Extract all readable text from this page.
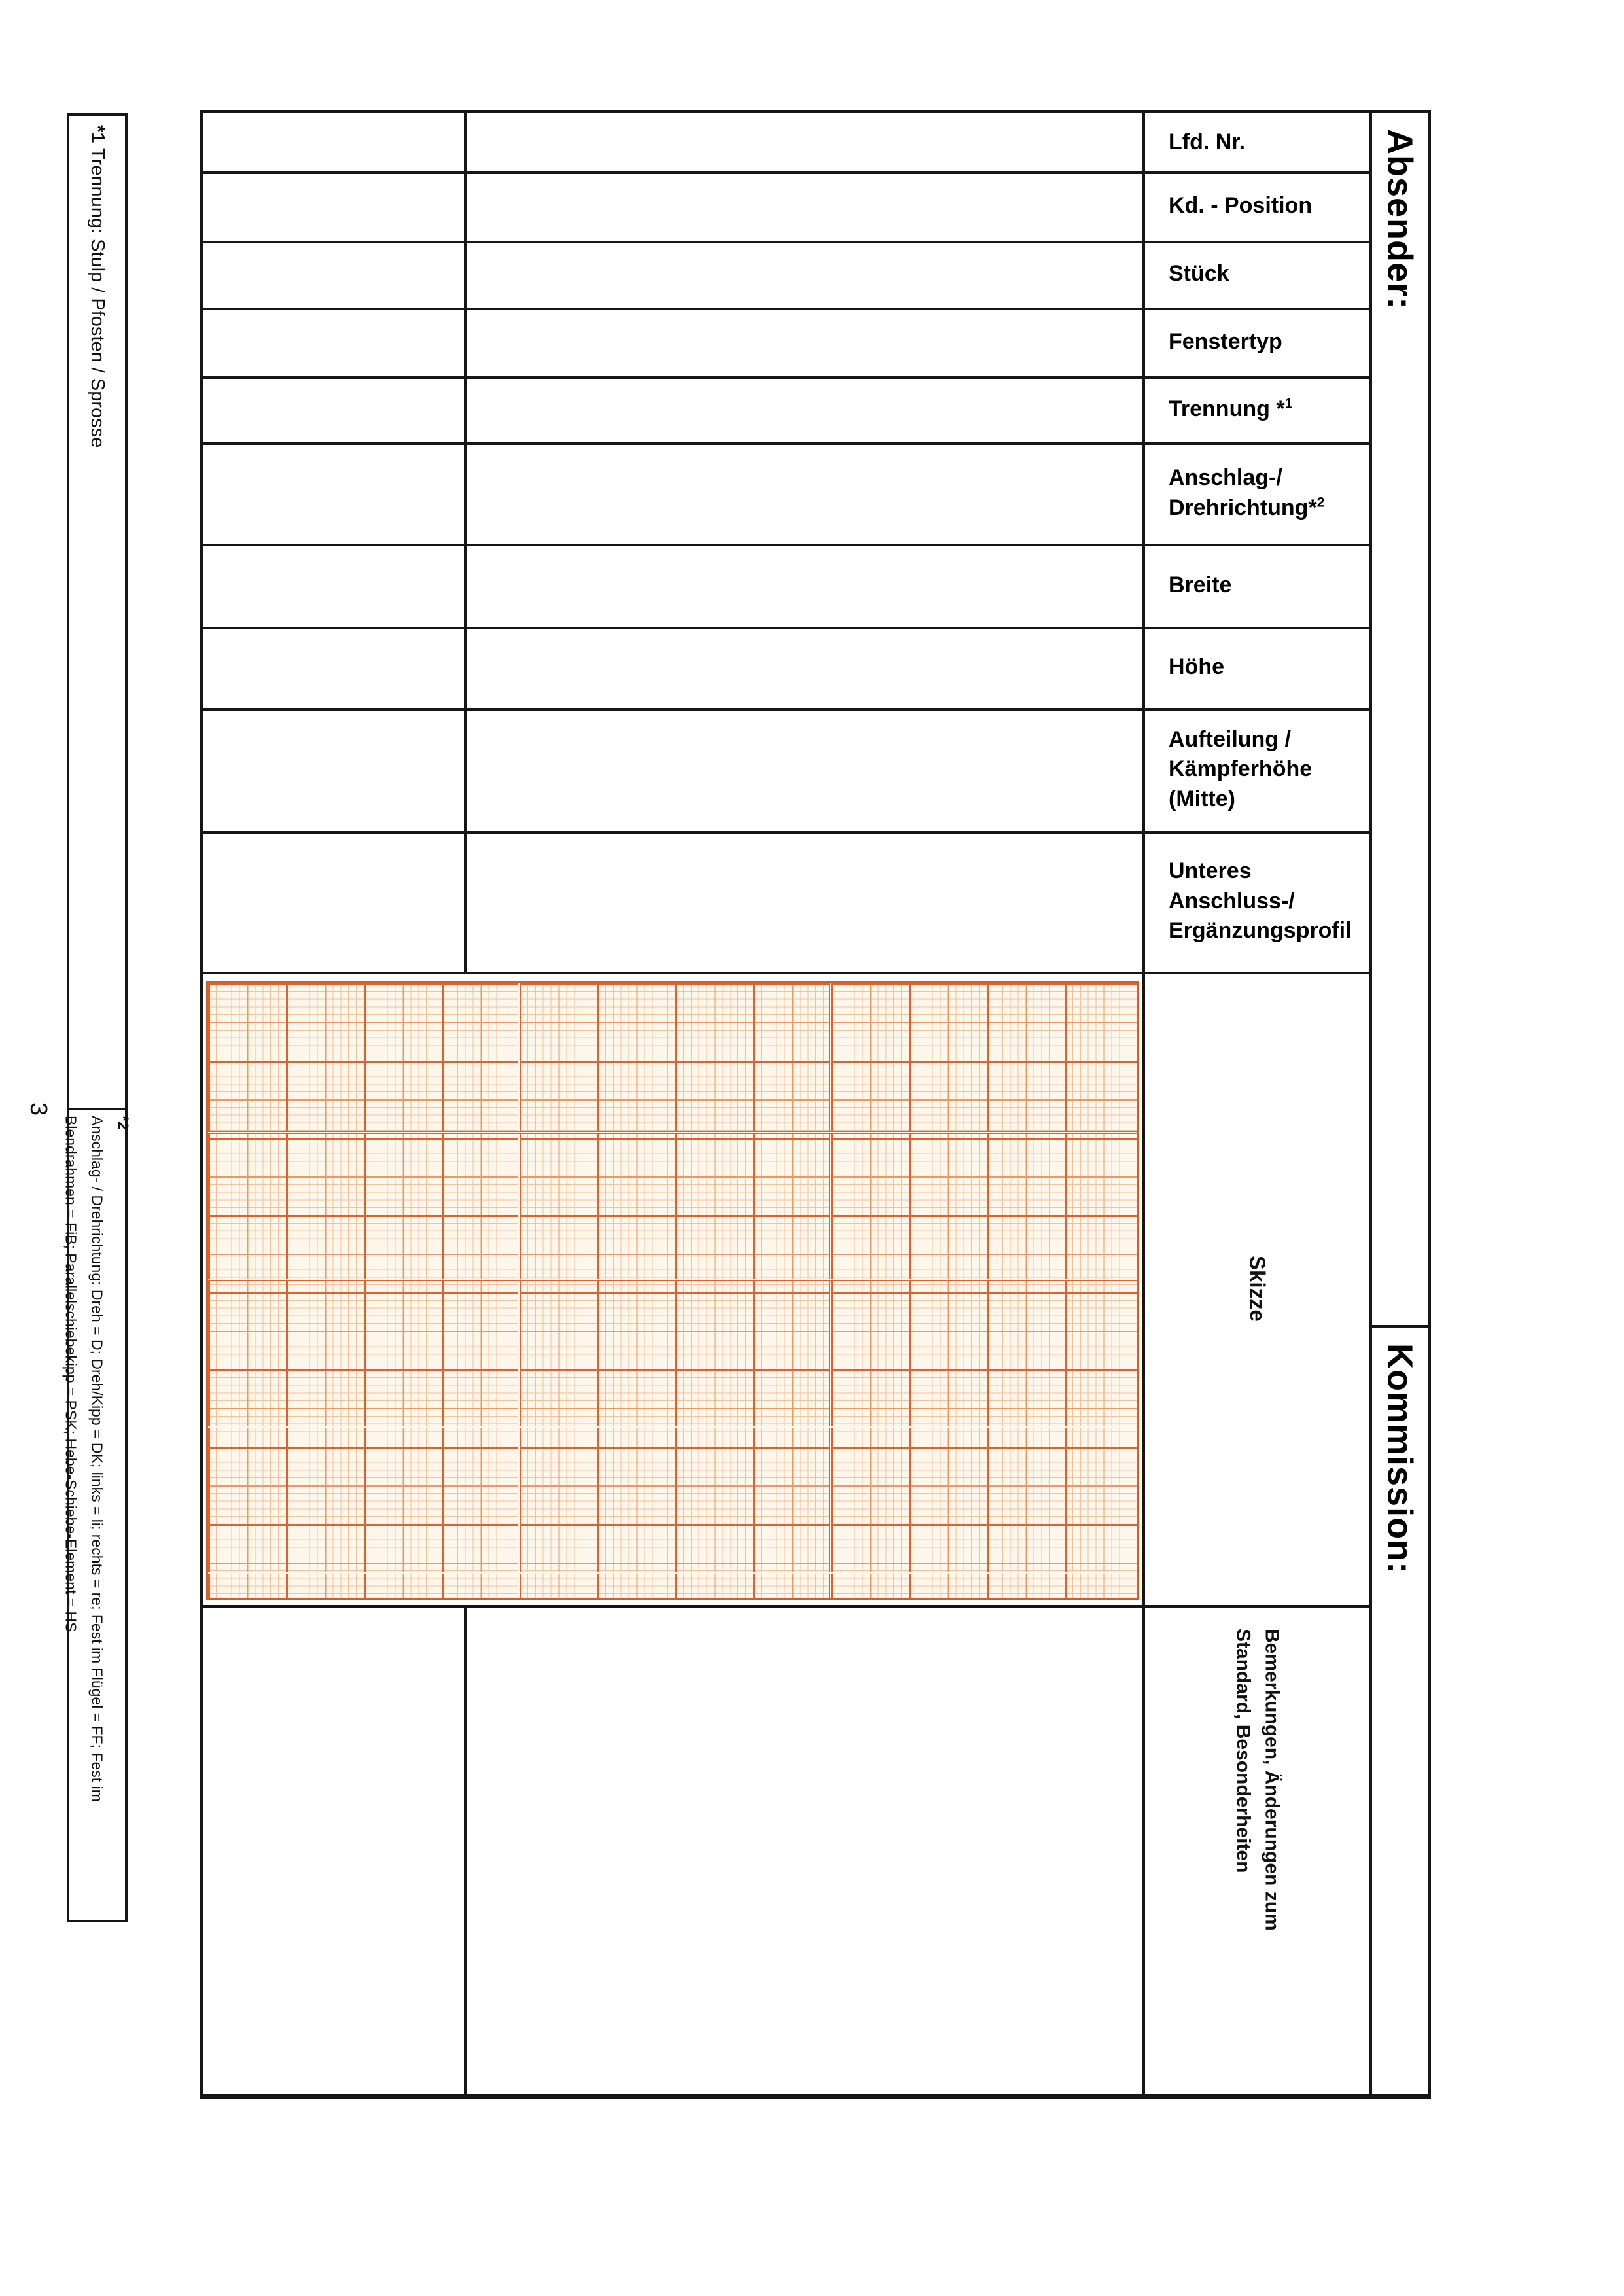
*1 Trennung: Stulp / Pfosten / Sprosse
*2
Anschlag- / Drehrichtung: Dreh = D; Dreh/Kipp = DK; links = li; rechts = re; Fest im Flügel = FF; Fest im
Blendrahmen = FiB; Parallelschiebekipp = PSK; Hebe-Schiebe-Element = HS
3
Lfd. Nr.
Kd. - Position
Stück
Fenstertyp
Trennung *$^1$
Anschlag-/
Drehrichtung*$^2$
Breite
Höhe
Aufteilung / Kämpferhöhe (Mitte)
Unteres Anschluss-/ Ergänzungsprofil
Skizze
Bemerkungen, Änderungen zum
Standard, Besonderheiten
Absender:
Kommission:
